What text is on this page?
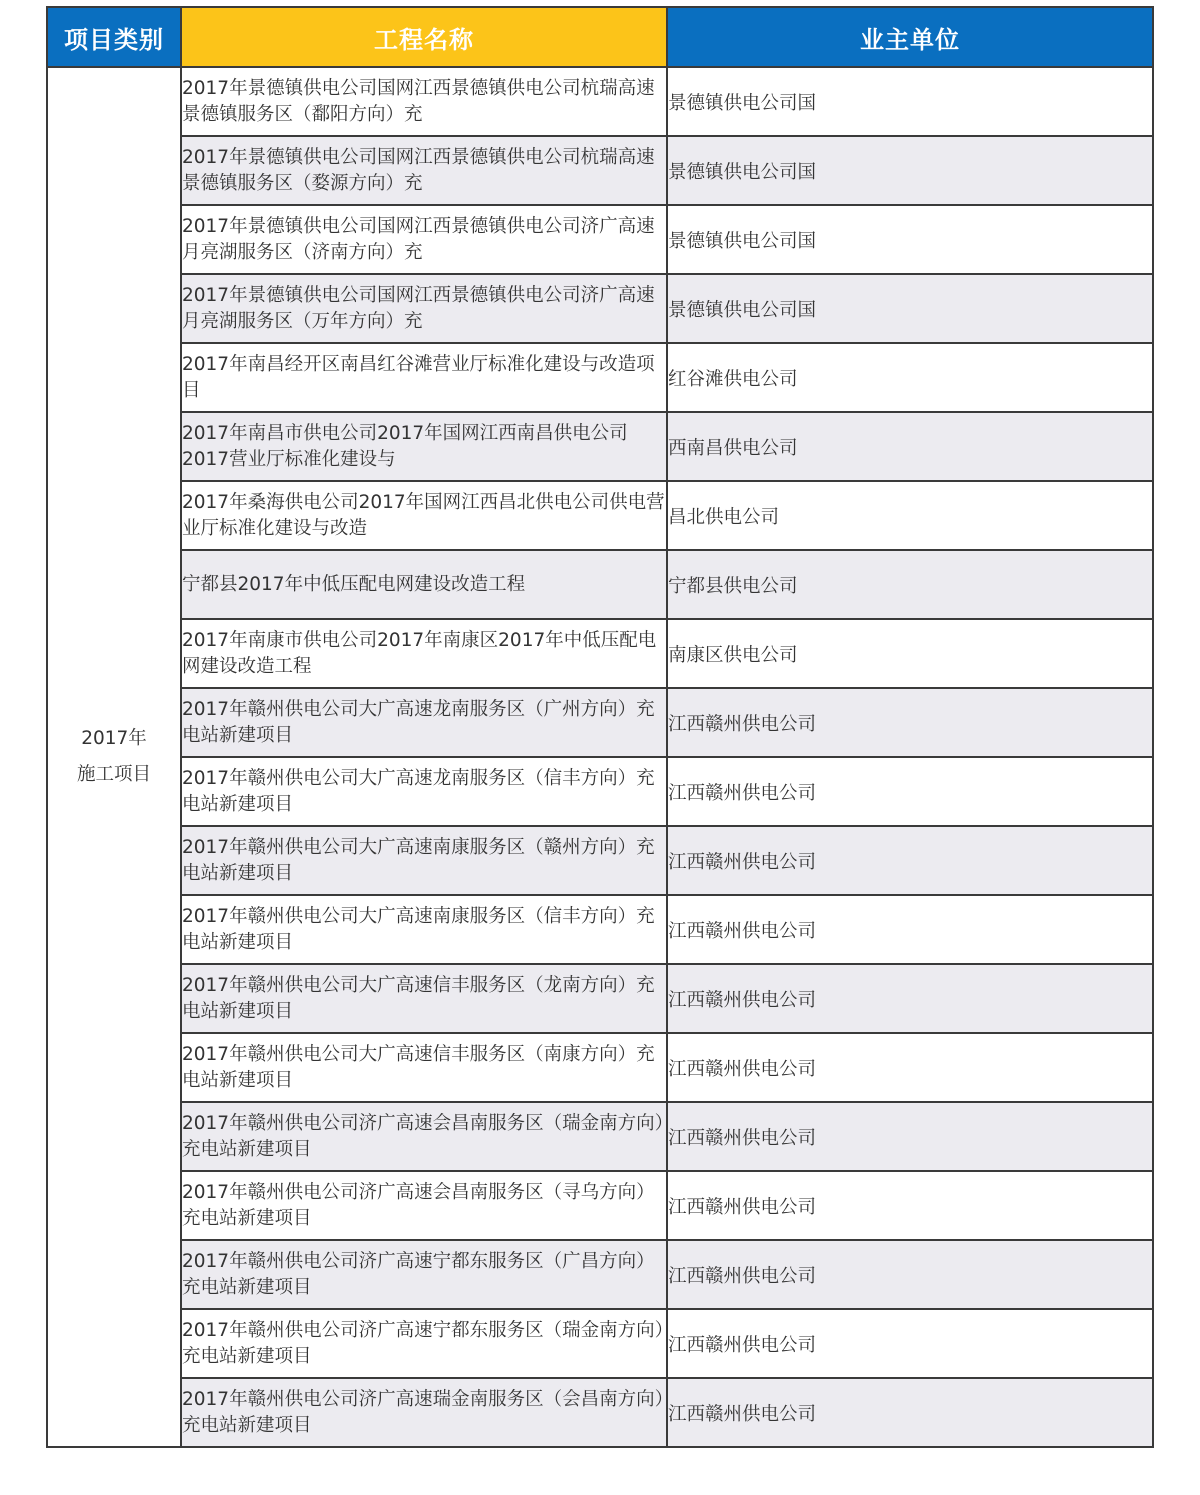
项目类别	工程名称	业主单位

2017年
施工项目	2017年景德镇供电公司国网江西景德镇供电公司杭瑞高速景德镇服务区（鄱阳方向）充	景德镇供电公司国
	2017年景德镇供电公司国网江西景德镇供电公司杭瑞高速景德镇服务区（婺源方向）充	景德镇供电公司国
	2017年景德镇供电公司国网江西景德镇供电公司济广高速月亮湖服务区（济南方向）充	景德镇供电公司国
	2017年景德镇供电公司国网江西景德镇供电公司济广高速月亮湖服务区（万年方向）充	景德镇供电公司国
	2017年南昌经开区南昌红谷滩营业厅标准化建设与改造项目	红谷滩供电公司
	2017年南昌市供电公司2017年国网江西南昌供电公司2017营业厅标准化建设与	西南昌供电公司
	2017年桑海供电公司2017年国网江西昌北供电公司供电营业厅标准化建设与改造	昌北供电公司
	宁都县2017年中低压配电网建设改造工程	宁都县供电公司
	2017年南康市供电公司2017年南康区2017年中低压配电网建设改造工程	南康区供电公司
	2017年赣州供电公司大广高速龙南服务区（广州方向）充电站新建项目	江西赣州供电公司
	2017年赣州供电公司大广高速龙南服务区（信丰方向）充电站新建项目	江西赣州供电公司
	2017年赣州供电公司大广高速南康服务区（赣州方向）充电站新建项目	江西赣州供电公司
	2017年赣州供电公司大广高速南康服务区（信丰方向）充电站新建项目	江西赣州供电公司
	2017年赣州供电公司大广高速信丰服务区（龙南方向）充电站新建项目	江西赣州供电公司
	2017年赣州供电公司大广高速信丰服务区（南康方向）充电站新建项目	江西赣州供电公司
	2017年赣州供电公司济广高速会昌南服务区（瑞金南方向）充电站新建项目	江西赣州供电公司
	2017年赣州供电公司济广高速会昌南服务区（寻乌方向）充电站新建项目	江西赣州供电公司
	2017年赣州供电公司济广高速宁都东服务区（广昌方向）充电站新建项目	江西赣州供电公司
	2017年赣州供电公司济广高速宁都东服务区（瑞金南方向）充电站新建项目	江西赣州供电公司
	2017年赣州供电公司济广高速瑞金南服务区（会昌南方向）充电站新建项目	江西赣州供电公司
